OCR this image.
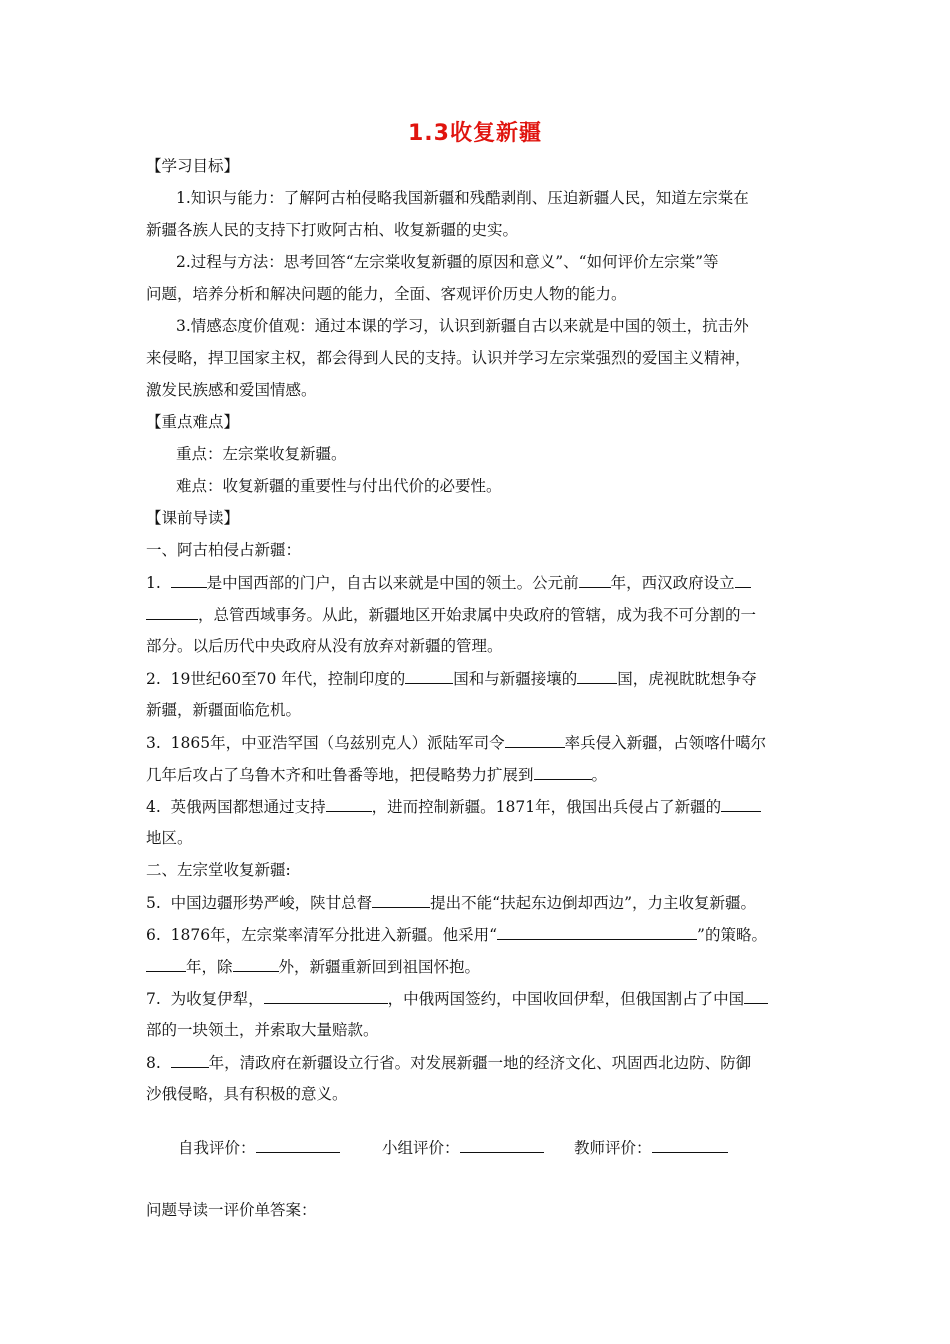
1.3收复新疆
【学习目标】
1.知识与能力：了解阿古柏侵略我国新疆和残酷剥削、压迫新疆人民，知道左宗棠在
新疆各族人民的支持下打败阿古柏、收复新疆的史实。
2.过程与方法：思考回答“左宗棠收复新疆的原因和意义”、“如何评价左宗棠”等
问题，培养分析和解决问题的能力，全面、客观评价历史人物的能力。
3.情感态度价值观：通过本课的学习，认识到新疆自古以来就是中国的领土，抗击外
来侵略，捍卫国家主权，都会得到人民的支持。认识并学习左宗棠强烈的爱国主义精神，
激发民族感和爱国情感。
【重点难点】
重点：左宗棠收复新疆。
难点：收复新疆的重要性与付出代价的必要性。
【课前导读】
一、阿古柏侵占新疆：
1.  是中国西部的门户，自古以来就是中国的领土。公元前 年，西汉政府设立
，总管西域事务。从此，新疆地区开始隶属中央政府的管辖，成为我不可分割的一
部分。以后历代中央政府从没有放弃对新疆的管理。
2.  19世纪60至70 年代，控制印度的	国和与新疆接壤的	国，虎视眈眈想争夺
新疆，新疆面临危机。
3.  1865年，中亚浩罕国（乌兹别克人）派陆军司令	率兵侵入新疆，占领喀什噶尔
几年后攻占了乌鲁木齐和吐鲁番等地，把侵略势力扩展到	。
4.  英俄两国都想通过支持	，进而控制新疆。1871年，俄国出兵侵占了新疆的
地区。
二、左宗堂收复新疆:
5.  中国边疆形势严峻，陕甘总督	提出不能“扶起东边倒却西边”，力主收复新疆。
6.  1876年，左宗棠率清军分批进入新疆。他采用“	”的策略。
年，除	外，新疆重新回到祖国怀抱。
7.  为收复伊犁，	，中俄两国签约，中国收回伊犁，但俄国割占了中国
部的一块领土，并索取大量赔款。
8.  年，清政府在新疆设立行省。对发展新疆一地的经济文化、巩固西北边防、防御
沙俄侵略，具有积极的意义。
自我评价：	小组评价：	教师评价：
问题导读一评价单答案：
